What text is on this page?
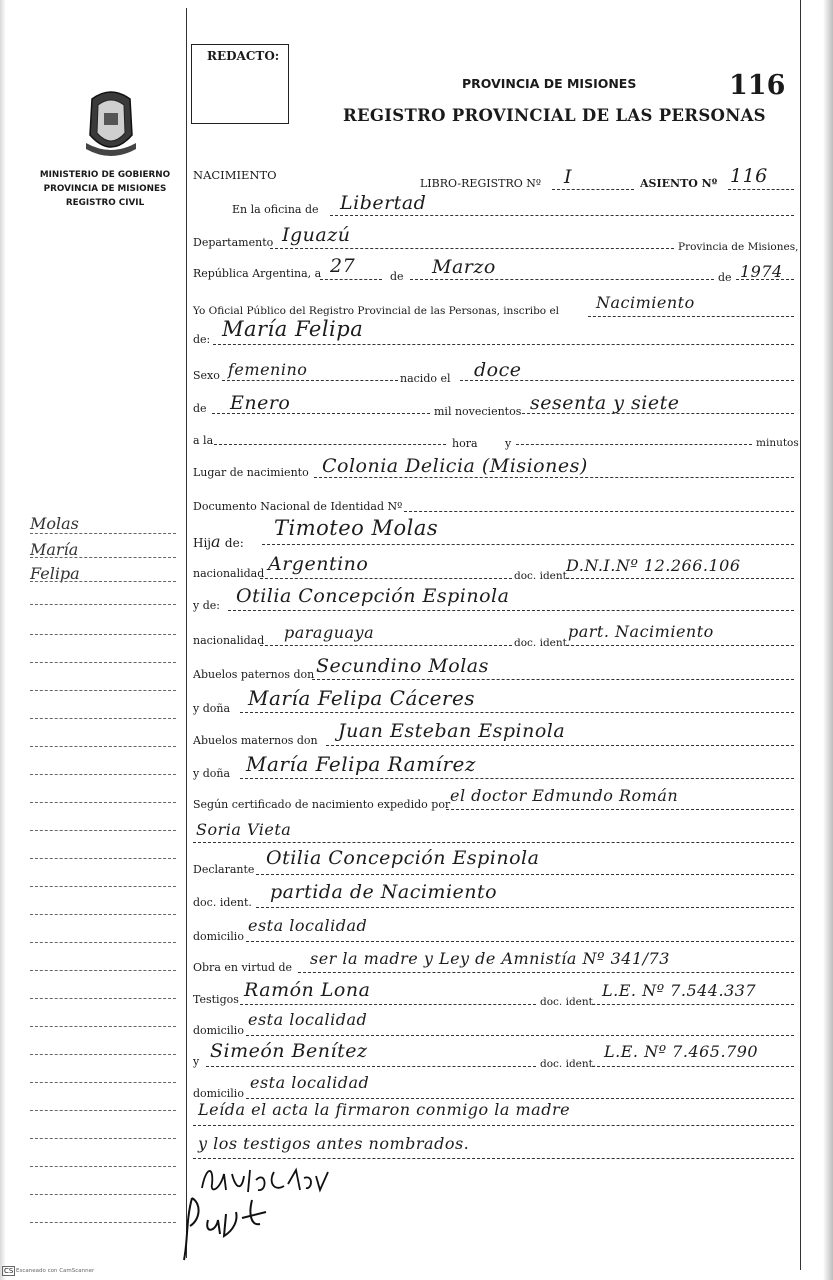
REDACTO:
PROVINCIA DE MISIONES	116
REGISTRO PROVINCIAL DE LAS PERSONAS
MINISTERIO DE GOBIERNO
PROVINCIA DE MISIONES
REGISTRO CIVIL
Molas
María
Felipa
NACIMIENTO
LIBRO-REGISTRO Nº I	ASIENTO Nº 116
En la oficina de Libertad
Departamento Iguazú
Provincia de Misiones,
República Argentina, a 27	de Marzo	de 1974
Yo Oficial Público del Registro Provincial de las Personas, inscribo el Nacimiento
de: María Felipa
Sexo femenino	nacido el doce
de Enero	mil novecientos sesenta y siete
a la	hora y	minutos
Lugar de nacimiento Colonia Delicia (Misiones)
Documento Nacional de Identidad Nº
Hija de:
Timoteo Molas
nacionalidad Argentino
doc. ident.
D.N.I.Nº 12.266.106
y de: Otilia Concepción Espinola
nacionalidad paraguaya
doc. ident.
part. Nacimiento
Abuelos paternos don Secundino Molas
y doña María Felipa Cáceres
Abuelos maternos don Juan Esteban Espinola
y doña María Felipa Ramírez
Según certificado de nacimiento expedido por el doctor Edmundo Román
Soria Vieta
Declarante
Otilia Concepción Espinola
doc. ident. partida de Nacimiento
domicilio
esta localidad
Obra en virtud de ser la madre y Ley de Amnistía Nº 341/73
Testigos Ramón Lona
doc. ident.
L.E. Nº 7.544.337
domicilio
esta localidad
y Simeón Benítez
doc. ident.
L.E. Nº 7.465.790
domicilio
esta localidad
Leída el acta la firmaron conmigo la madre
y los testigos antes nombrados.
CS Escaneado con CamScanner
